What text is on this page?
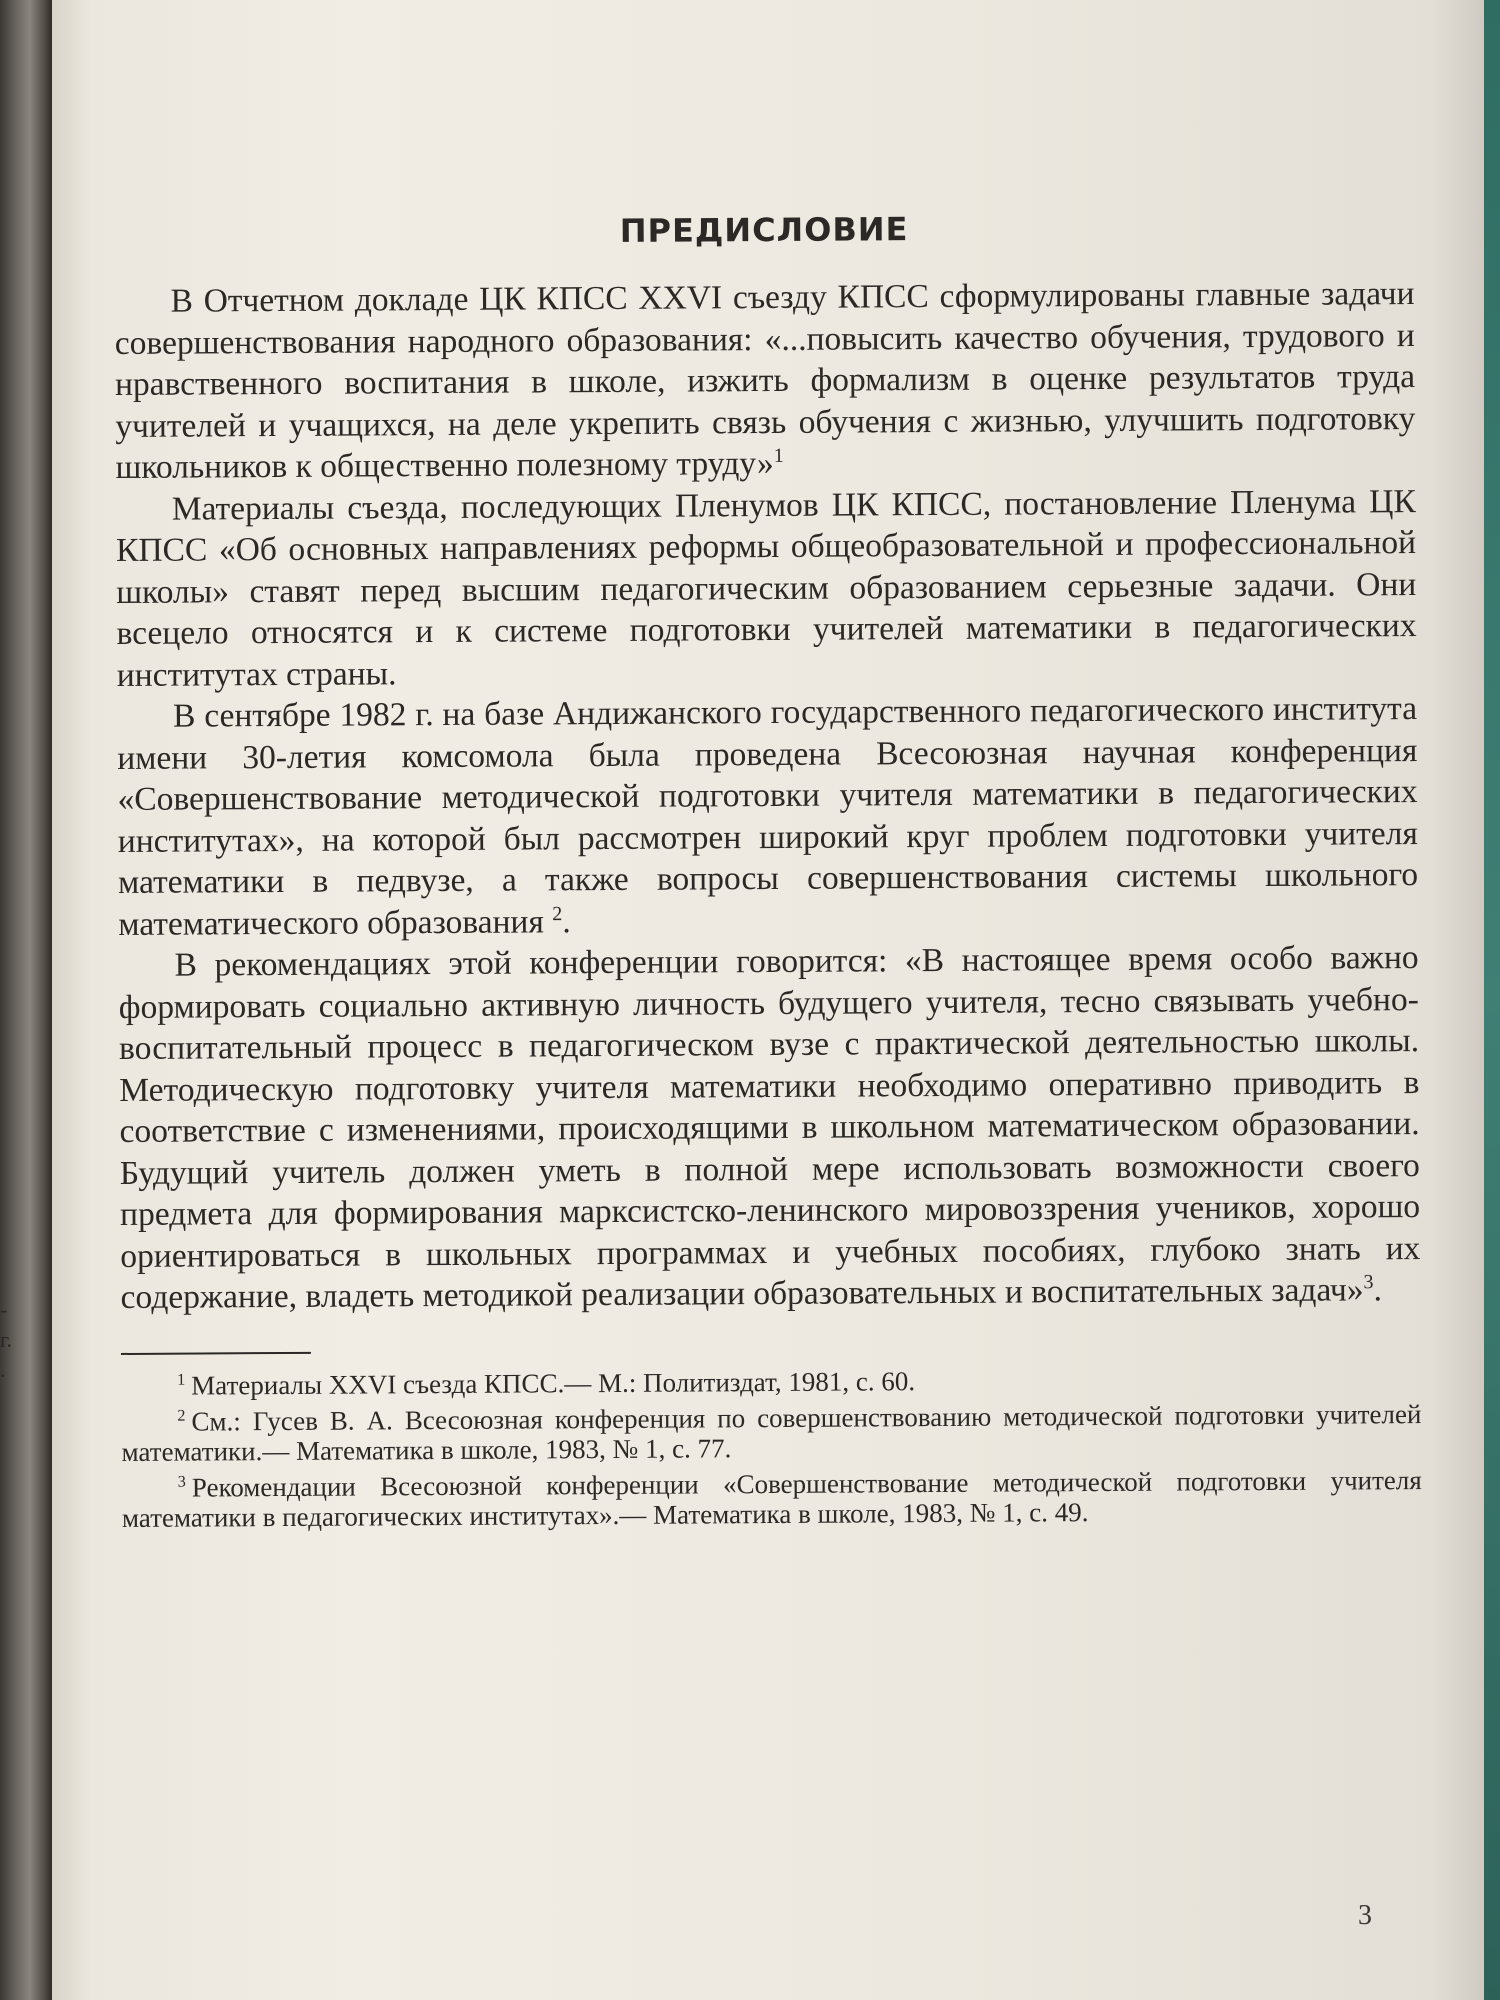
-
г.
.
ПРЕДИСЛОВИЕ

В Отчетном докладе ЦК КПСС XXVI съезду КПСС сформулированы главные задачи совершенствования народного образования: «...повысить качество обучения, трудового и нравственного воспитания в школе, изжить формализм в оценке результатов труда учителей и учащихся, на деле укрепить связь обучения с жизнью, улучшить подготовку школьников к общественно полезному труду»$^1$

Материалы съезда, последующих Пленумов ЦК КПСС, постановление Пленума ЦК КПСС «Об основных направлениях реформы общеобразовательной и профессиональной школы» ставят перед высшим педагогическим образованием серьезные задачи. Они всецело относятся и к системе подготовки учителей математики в педагогических институтах страны.

В сентябре 1982 г. на базе Андижанского государственного педагогического института имени 30-летия комсомола была проведена Всесоюзная научная конференция «Совершенствование методической подготовки учителя математики в педагогических институтах», на которой был рассмотрен широкий круг проблем подготовки учителя математики в педвузе, а также вопросы совершенствования системы школьного математического образования $^2$.

В рекомендациях этой конференции говорится: «В настоящее время особо важно формировать социально активную личность будущего учителя, тесно связывать учебно-воспитательный процесс в педагогическом вузе с практической деятельностью школы. Методическую подготовку учителя математики необходимо оперативно приводить в соответствие с изменениями, происходящими в школьном математическом образовании. Будущий учитель должен уметь в полной мере использовать возможности своего предмета для формирования марксистско-ленинского мировоззрения учеников, хорошо ориентироваться в школьных программах и учебных пособиях, глубоко знать их содержание, владеть методикой реализации образовательных и воспитательных задач»$^3$.

$^1$ Материалы XXVI съезда КПСС.— М.: Политиздат, 1981, с. 60.

$^2$ См.: Гусев В. А. Всесоюзная конференция по совершенствованию методической подготовки учителей математики.— Математика в школе, 1983, № 1, с. 77.

$^3$ Рекомендации Всесоюзной конференции «Совершенствование методической подготовки учителя математики в педагогических институтах».— Математика в школе, 1983, № 1, с. 49.

3
